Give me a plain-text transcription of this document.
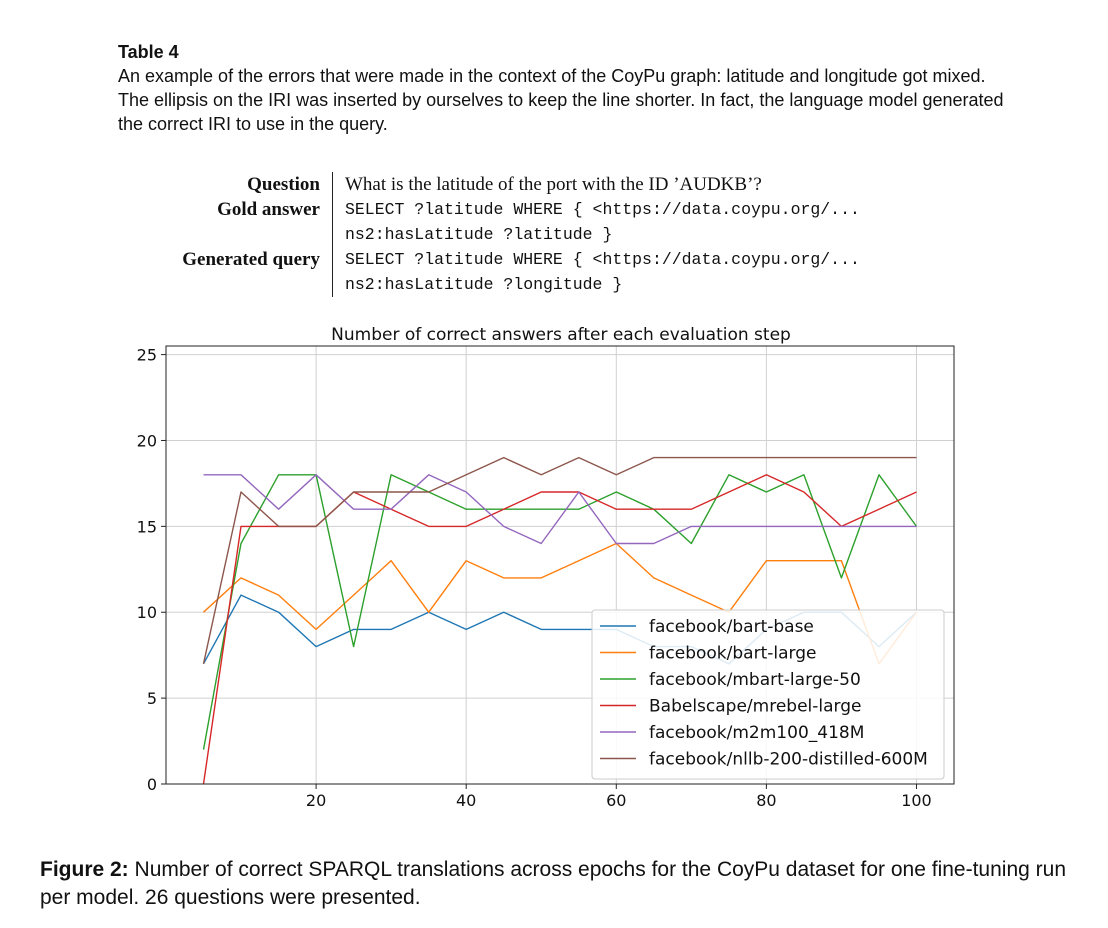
Table 4

An example of the errors that were made in the context of the CoyPu graph: latitude and longitude got mixed.

The ellipsis on the IRI was inserted by ourselves to keep the line shorter. In fact, the language model generated the correct IRI to use in the query.

Question	What is the latitude of the port with the ID ’AUDKB’?
Gold answer	SELECT ?latitude WHERE { <https://data.coypu.org/...
	ns2:hasLatitude ?latitude }
Generated query	SELECT ?latitude WHERE { <https://data.coypu.org/...
	ns2:hasLatitude ?longitude }
Number of correct answers after each evaluation step
20	40	60	80	100
0
5
10
15
20
25
facebook/bart-base
facebook/bart-large
facebook/mbart-large-50
Babelscape/mrebel-large
facebook/m2m100_418M
facebook/nllb-200-distilled-600M
Figure 2: Number of correct SPARQL translations across epochs for the CoyPu dataset for one fine-tuning run per model. 26 questions were presented.
